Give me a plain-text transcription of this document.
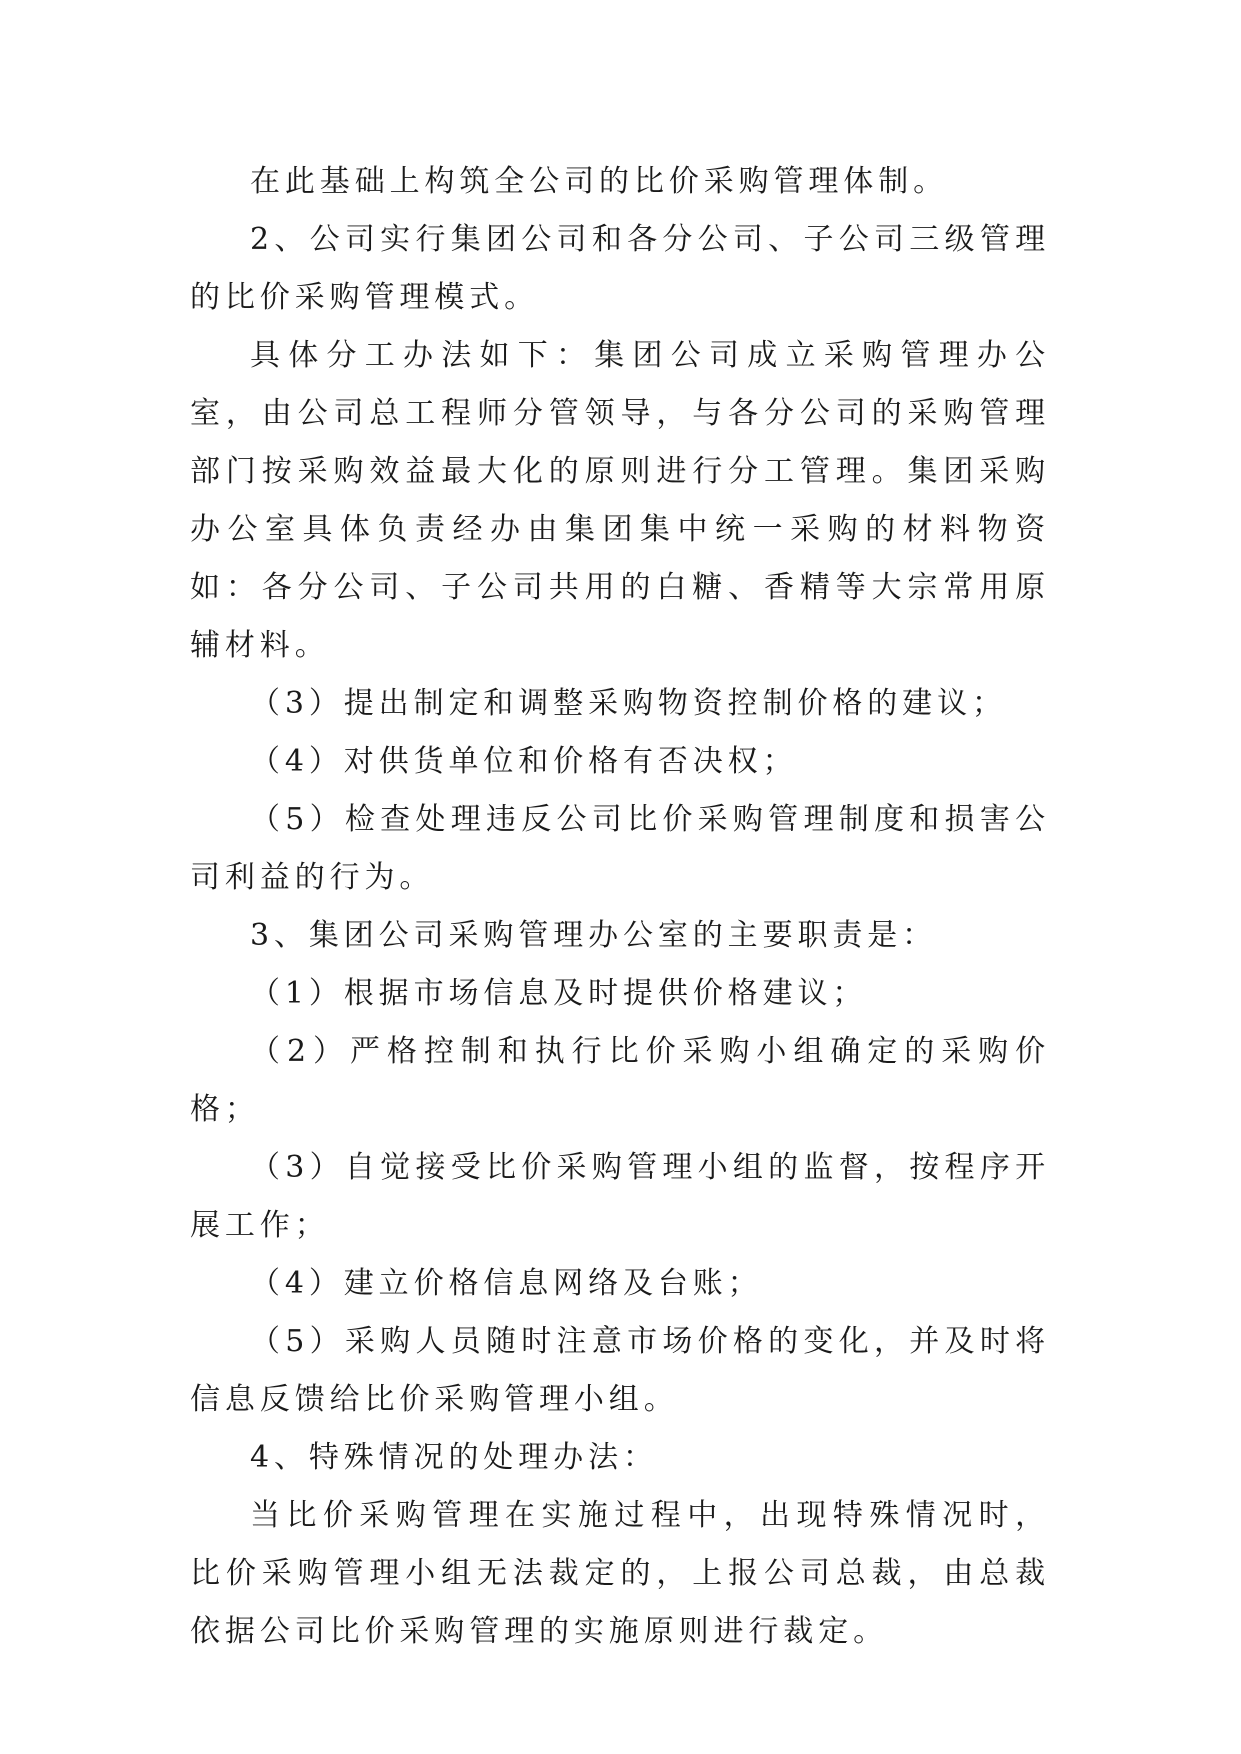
在此基础上构筑全公司的比价采购管理体制。

2、公司实行集团公司和各分公司、子公司三级管理的比价采购管理模式。

具体分工办法如下：集团公司成立采购管理办公室，由公司总工程师分管领导，与各分公司的采购管理部门按采购效益最大化的原则进行分工管理。集团采购办公室具体负责经办由集团集中统一采购的材料物资如：各分公司、子公司共用的白糖、香精等大宗常用原辅材料。

（3）提出制定和调整采购物资控制价格的建议；

（4）对供货单位和价格有否决权；

（5）检查处理违反公司比价采购管理制度和损害公司利益的行为。

3、集团公司采购管理办公室的主要职责是：

（1）根据市场信息及时提供价格建议；

（2）严格控制和执行比价采购小组确定的采购价格；

（3）自觉接受比价采购管理小组的监督，按程序开展工作；

（4）建立价格信息网络及台账；

（5）采购人员随时注意市场价格的变化，并及时将信息反馈给比价采购管理小组。

4、特殊情况的处理办法：

当比价采购管理在实施过程中，出现特殊情况时，比价采购管理小组无法裁定的，上报公司总裁，由总裁依据公司比价采购管理的实施原则进行裁定。
